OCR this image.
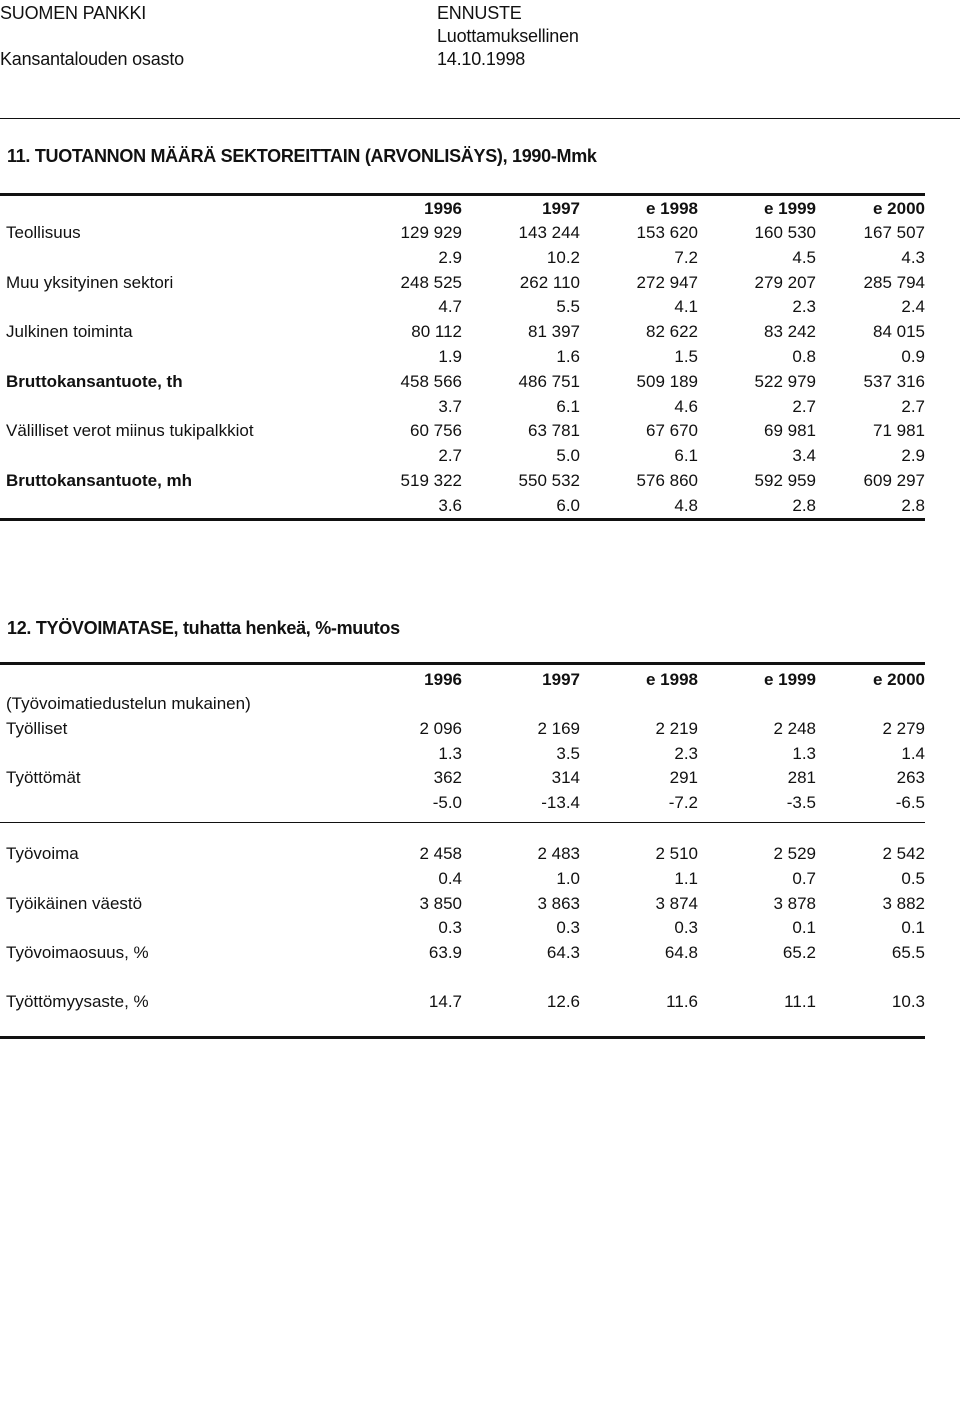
SUOMEN PANKKI
Kansantalouden osasto
ENNUSTE
Luottamuksellinen
14.10.1998
11. TUOTANNON MÄÄRÄ SEKTOREITTAIN (ARVONLISÄYS), 1990-Mmk
	1996	1997	e 1998	e 1999	e 2000
Teollisuus	129 929	143 244	153 620	160 530	167 507
	2.9	10.2	7.2	4.5	4.3
Muu yksityinen sektori	248 525	262 110	272 947	279 207	285 794
	4.7	5.5	4.1	2.3	2.4
Julkinen toiminta	80 112	81 397	82 622	83 242	84 015
	1.9	1.6	1.5	0.8	0.9
Bruttokansantuote, th	458 566	486 751	509 189	522 979	537 316
	3.7	6.1	4.6	2.7	2.7
Välilliset verot miinus tukipalkkiot	60 756	63 781	67 670	69 981	71 981
	2.7	5.0	6.1	3.4	2.9
Bruttokansantuote, mh	519 322	550 532	576 860	592 959	609 297
	3.6	6.0	4.8	2.8	2.8
12. TYÖVOIMATASE, tuhatta henkeä, %-muutos
	1996	1997	e 1998	e 1999	e 2000
(Työvoimatiedustelun mukainen)					
Työlliset	2 096	2 169	2 219	2 248	2 279
	1.3	3.5	2.3	1.3	1.4
Työttömät	362	314	291	281	263
	-5.0	-13.4	-7.2	-3.5	-6.5

Työvoima	2 458	2 483	2 510	2 529	2 542
	0.4	1.0	1.1	0.7	0.5
Työikäinen väestö	3 850	3 863	3 874	3 878	3 882
	0.3	0.3	0.3	0.1	0.1
Työvoimaosuus, %	63.9	64.3	64.8	65.2	65.5

Työttömyysaste, %	14.7	12.6	11.6	11.1	10.3
